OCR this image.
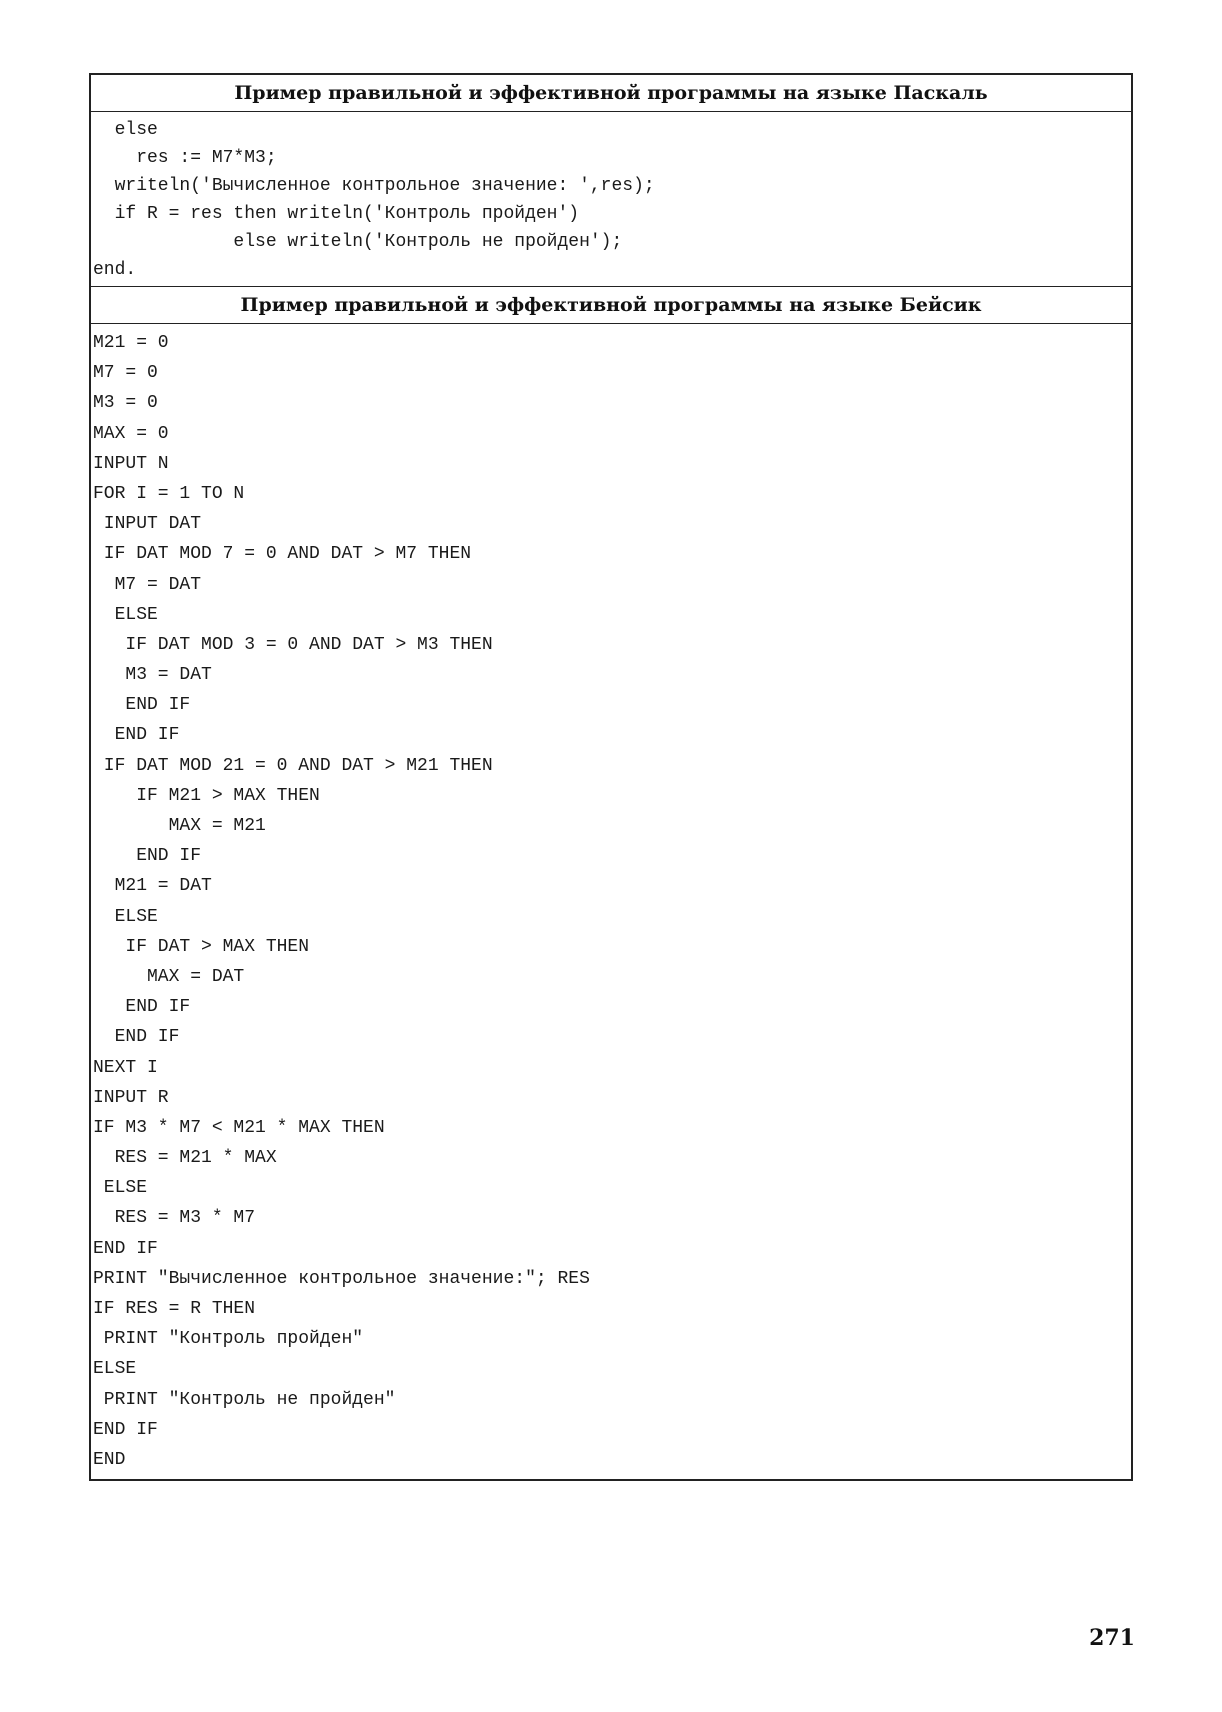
Пример правильной и эффективной программы на языке Паскаль
else
res := M7*M3;
writeln('Вычисленное контрольное значение: ',res);
if R = res then writeln('Контроль пройден')
else writeln('Контроль не пройден');
end.
Пример правильной и эффективной программы на языке Бейсик
M21 = 0
M7 = 0
M3 = 0
MAX = 0
INPUT N
FOR I = 1 TO N
INPUT DAT
IF DAT MOD 7 = 0 AND DAT > M7 THEN
M7 = DAT
ELSE
IF DAT MOD 3 = 0 AND DAT > M3 THEN
M3 = DAT
END IF
END IF
IF DAT MOD 21 = 0 AND DAT > M21 THEN
IF M21 > MAX THEN
MAX = M21
END IF
M21 = DAT
ELSE
IF DAT > MAX THEN
MAX = DAT
END IF
END IF
NEXT I
INPUT R
IF M3 * M7 < M21 * MAX THEN
RES = M21 * MAX
ELSE
RES = M3 * M7
END IF
PRINT "Вычисленное контрольное значение:"; RES
IF RES = R THEN
PRINT "Контроль пройден"
ELSE
PRINT "Контроль не пройден"
END IF
END
271
